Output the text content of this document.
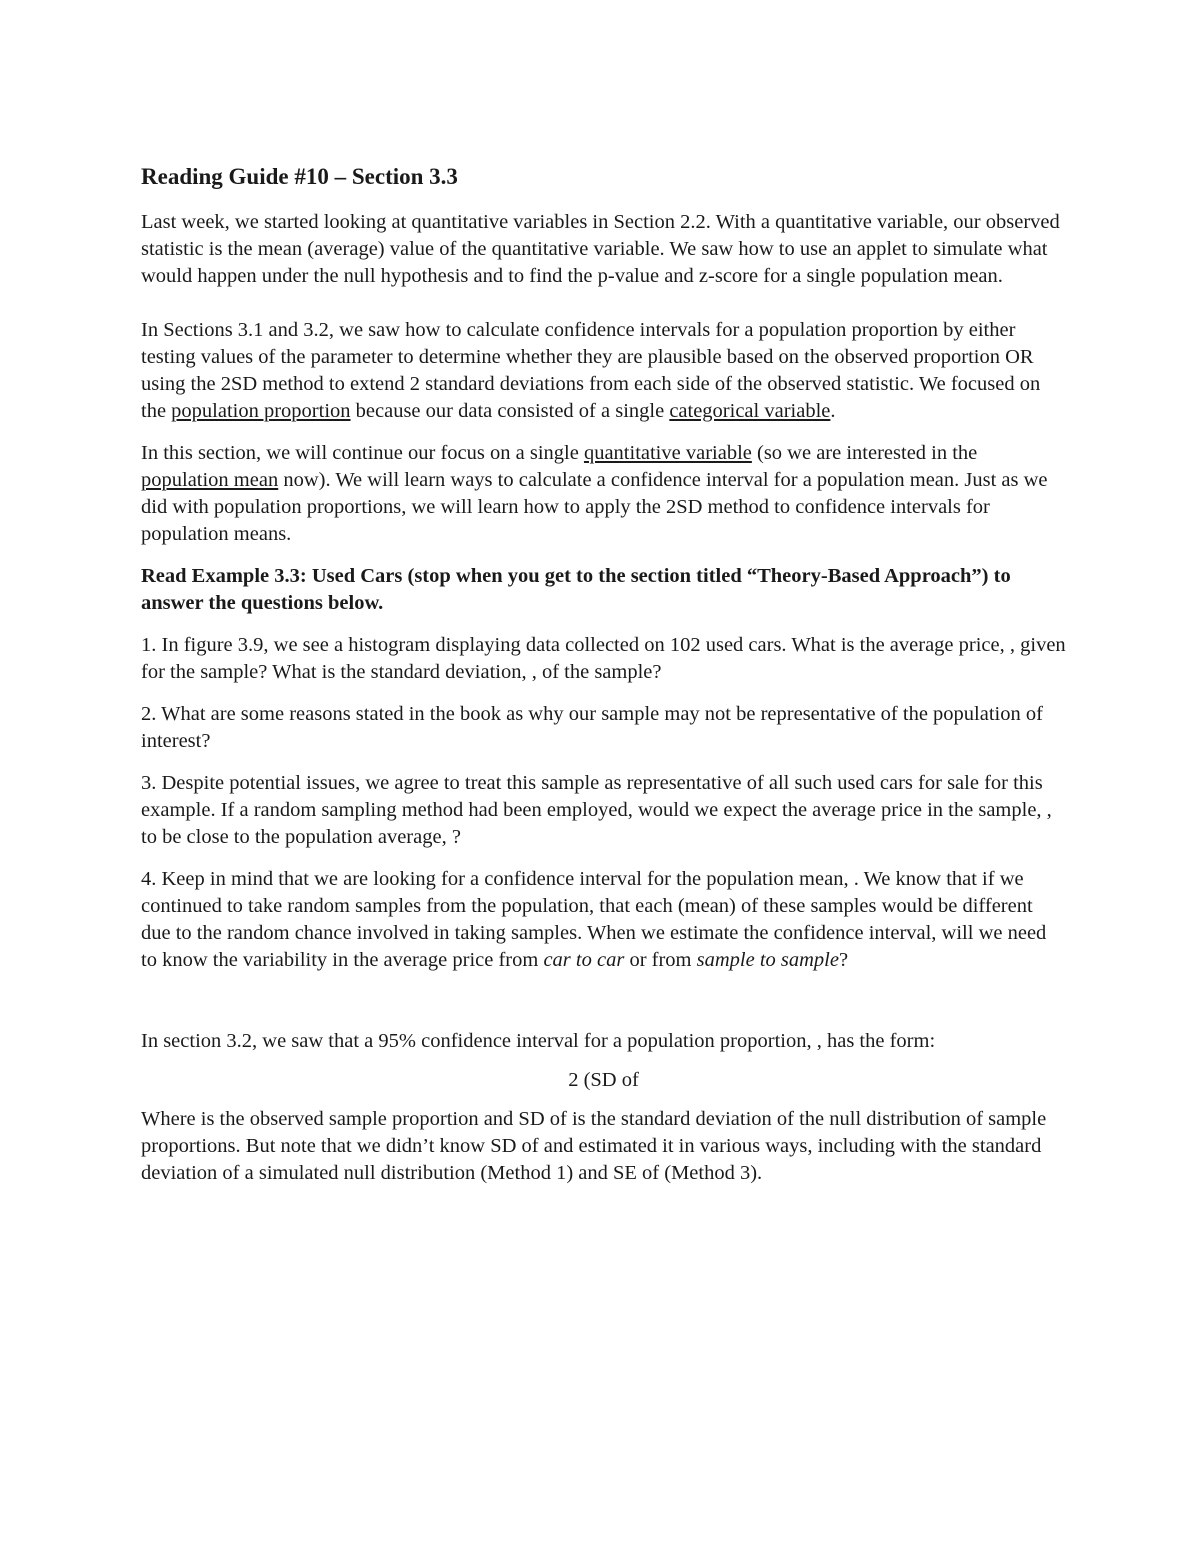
Reading Guide #10 – Section 3.3

Last week, we started looking at quantitative variables in Section 2.2. With a quantitative variable, our observed statistic is the mean (average) value of the quantitative variable. We saw how to use an applet to simulate what would happen under the null hypothesis and to find the p-value and z-score for a single population mean.

In Sections 3.1 and 3.2, we saw how to calculate confidence intervals for a population proportion by either testing values of the parameter to determine whether they are plausible based on the observed proportion OR using the 2SD method to extend 2 standard deviations from each side of the observed statistic. We focused on the population proportion because our data consisted of a single categorical variable.

In this section, we will continue our focus on a single quantitative variable (so we are interested in the population mean now). We will learn ways to calculate a confidence interval for a population mean. Just as we did with population proportions, we will learn how to apply the 2SD method to confidence intervals for population means.

Read Example 3.3: Used Cars (stop when you get to the section titled “Theory-Based Approach”) to answer the questions below.

1. In figure 3.9, we see a histogram displaying data collected on 102 used cars. What is the average price, , given for the sample? What is the standard deviation, , of the sample?

2. What are some reasons stated in the book as why our sample may not be representative of the population of interest?

3. Despite potential issues, we agree to treat this sample as representative of all such used cars for sale for this example. If a random sampling method had been employed, would we expect the average price in the sample, , to be close to the population average, ?

4. Keep in mind that we are looking for a confidence interval for the population mean, . We know that if we continued to take random samples from the population, that each (mean) of these samples would be different due to the random chance involved in taking samples. When we estimate the confidence interval, will we need to know the variability in the average price from car to car or from sample to sample?

In section 3.2, we saw that a 95% confidence interval for a population proportion, , has the form:

2 (SD of

Where is the observed sample proportion and SD of is the standard deviation of the null distribution of sample proportions. But note that we didn’t know SD of and estimated it in various ways, including with the standard deviation of a simulated null distribution (Method 1) and SE of (Method 3).
